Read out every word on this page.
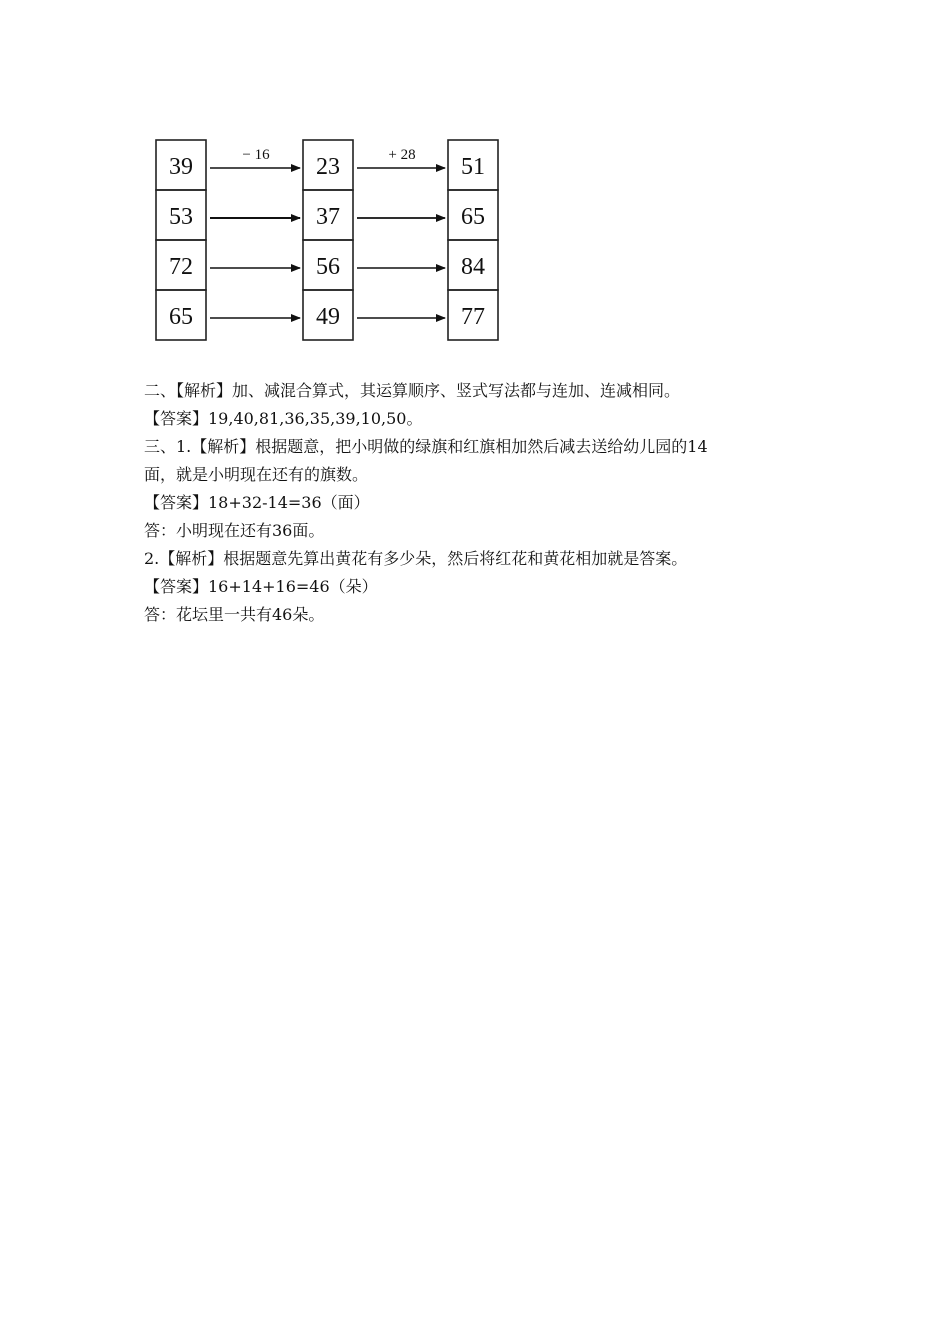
39
53
72
65
23
37
56
49
51
65
84
77
− 16	+ 28

二、【解析】加、减混合算式，其运算顺序、竖式写法都与连加、连减相同。

【答案】19,40,81,36,35,39,10,50。

三、1.【解析】根据题意，把小明做的绿旗和红旗相加然后减去送给幼儿园的14

面，就是小明现在还有的旗数。

【答案】18+32-14=36（面）

答：小明现在还有36面。

2.【解析】根据题意先算出黄花有多少朵，然后将红花和黄花相加就是答案。

【答案】16+14+16=46（朵）

答：花坛里一共有46朵。
